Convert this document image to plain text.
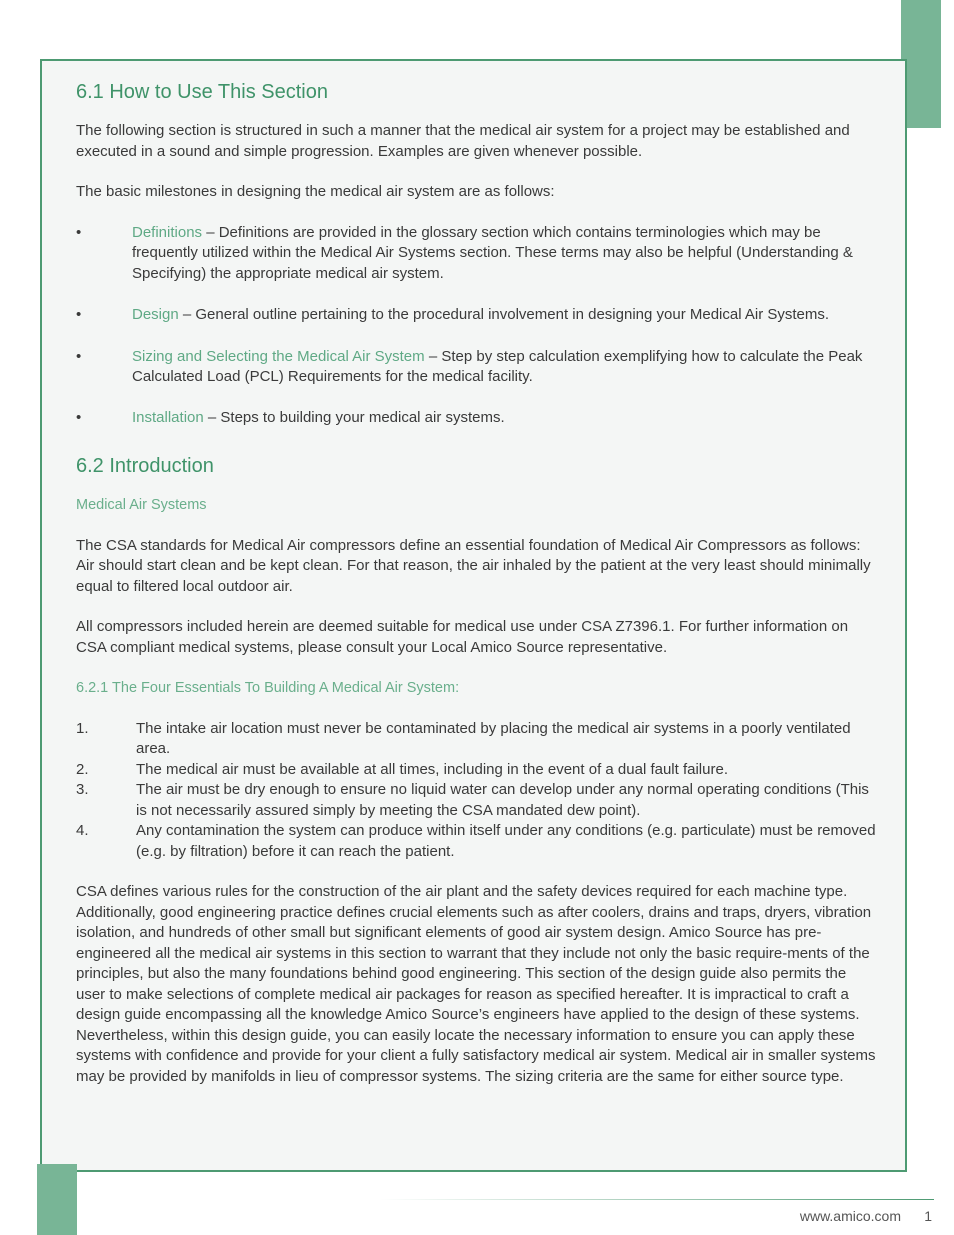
6.1 How to Use This Section

The following section is structured in such a manner that the medical air system for a project may be established and executed in a sound and simple progression. Examples are given whenever possible.

The basic milestones in designing the medical air system are as follows:

•	Definitions – Definitions are provided in the glossary section which contains terminologies which may be frequently utilized within the Medical Air Systems section. These terms may also be helpful (Understanding & Specifying) the appropriate medical air system.
•	Design – General outline pertaining to the procedural involvement in designing your Medical Air Systems.
•	Sizing and Selecting the Medical Air System – Step by step calculation exemplifying how to calculate the Peak Calculated Load (PCL) Requirements for the medical facility.
•	Installation – Steps to building your medical air systems.
6.2 Introduction

Medical Air Systems

The CSA standards for Medical Air compressors define an essential foundation of Medical Air Compressors as follows: Air should start clean and be kept clean. For that reason, the air inhaled by the patient at the very least should minimally equal to filtered local outdoor air.

All compressors included herein are deemed suitable for medical use under CSA Z7396.1. For further information on CSA compliant medical systems, please consult your Local Amico Source representative.

6.2.1 The Four Essentials To Building A Medical Air System:

1.	The intake air location must never be contaminated by placing the medical air systems in a poorly ventilated area.
2.	The medical air must be available at all times, including in the event of a dual fault failure.
3.	The air must be dry enough to ensure no liquid water can develop under any normal operating conditions (This is not necessarily assured simply by meeting the CSA mandated dew point).
4.	Any contamination the system can produce within itself under any conditions (e.g. particulate) must be removed (e.g. by filtration) before it can reach the patient.

CSA defines various rules for the construction of the air plant and the safety devices required for each machine type. Additionally, good engineering practice defines crucial elements such as after coolers, drains and traps, dryers, vibration isolation, and hundreds of other small but significant elements of good air system design. Amico Source has pre-engineered all the medical air systems in this section to warrant that they include not only the basic require-ments of the principles, but also the many foundations behind good engineering. This section of the design guide also permits the user to make selections of complete medical air packages for reason as specified hereafter. It is impractical to craft a design guide encompassing all the knowledge Amico Source’s engineers have applied to the design of these systems. Nevertheless, within this design guide, you can easily locate the necessary information to ensure you can apply these systems with confidence and provide for your client a fully satisfactory medical air system. Medical air in smaller systems may be provided by manifolds in lieu of compressor systems. The sizing criteria are the same for either source type.

www.amico.com 1
